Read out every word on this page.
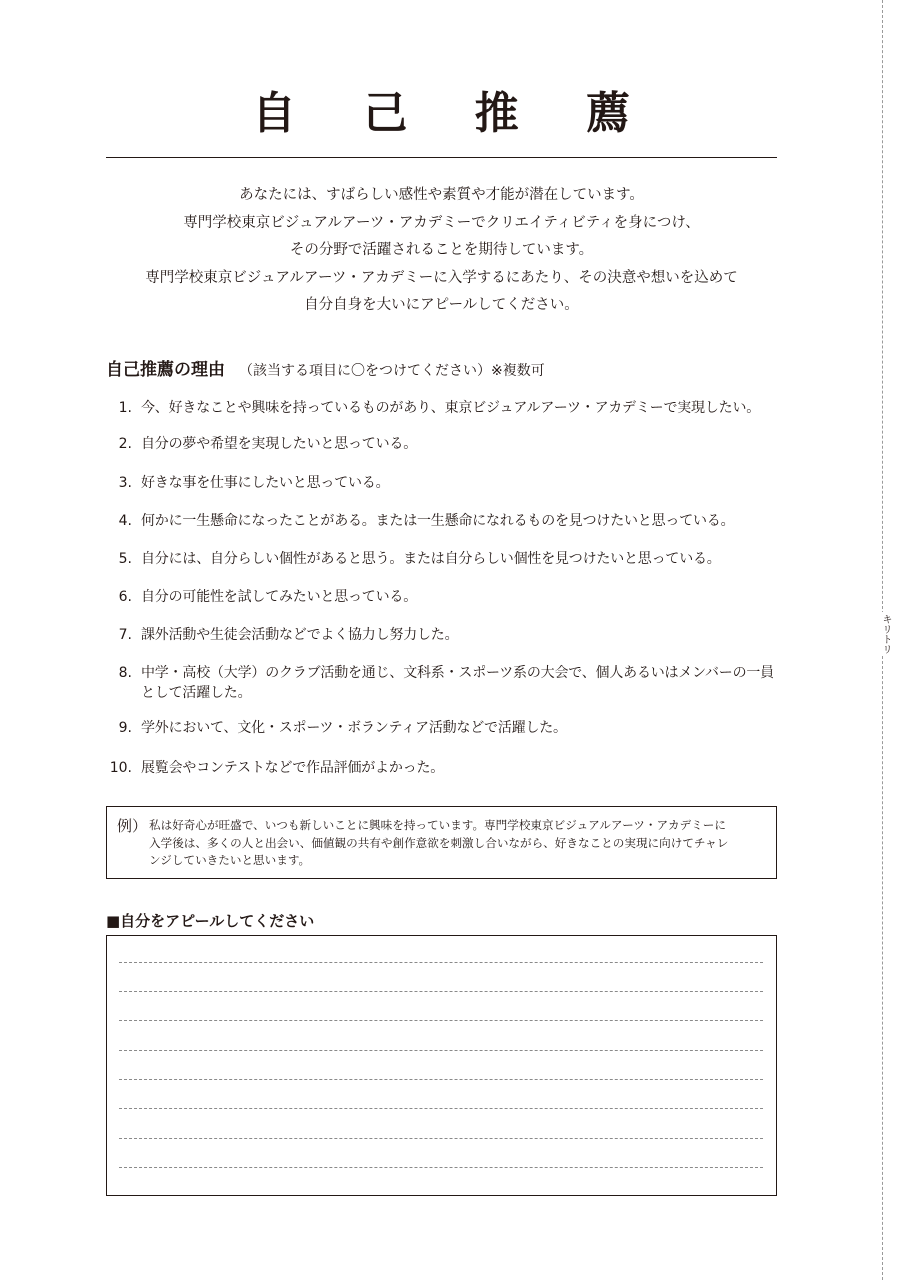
自 己 推 薦
あなたには、すばらしい感性や素質や才能が潜在しています。
専門学校東京ビジュアルアーツ・アカデミーでクリエイティビティを身につけ、
その分野で活躍されることを期待しています。
専門学校東京ビジュアルアーツ・アカデミーに入学するにあたり、その決意や想いを込めて
自分自身を大いにアピールしてください。
自己推薦の理由 （該当する項目に〇をつけてください）※複数可
1. 今、好きなことや興味を持っているものがあり、東京ビジュアルアーツ・アカデミーで実現したい。
2. 自分の夢や希望を実現したいと思っている。
3. 好きな事を仕事にしたいと思っている。
4. 何かに一生懸命になったことがある。または一生懸命になれるものを見つけたいと思っている。
5. 自分には、自分らしい個性があると思う。または自分らしい個性を見つけたいと思っている。
6. 自分の可能性を試してみたいと思っている。
7. 課外活動や生徒会活動などでよく協力し努力した。
8. 中学・高校（大学）のクラブ活動を通じ、文科系・スポーツ系の大会で、個人あるいはメンバーの一員として活躍した。
9. 学外において、文化・スポーツ・ボランティア活動などで活躍した。
10. 展覧会やコンテストなどで作品評価がよかった。
例） 私は好奇心が旺盛で、いつも新しいことに興味を持っています。専門学校東京ビジュアルアーツ・アカデミーに
入学後は、多くの人と出会い、価値観の共有や創作意欲を刺激し合いながら、好きなことの実現に向けてチャレ
ンジしていきたいと思います。
■自分をアピールしてください
キリトリ
